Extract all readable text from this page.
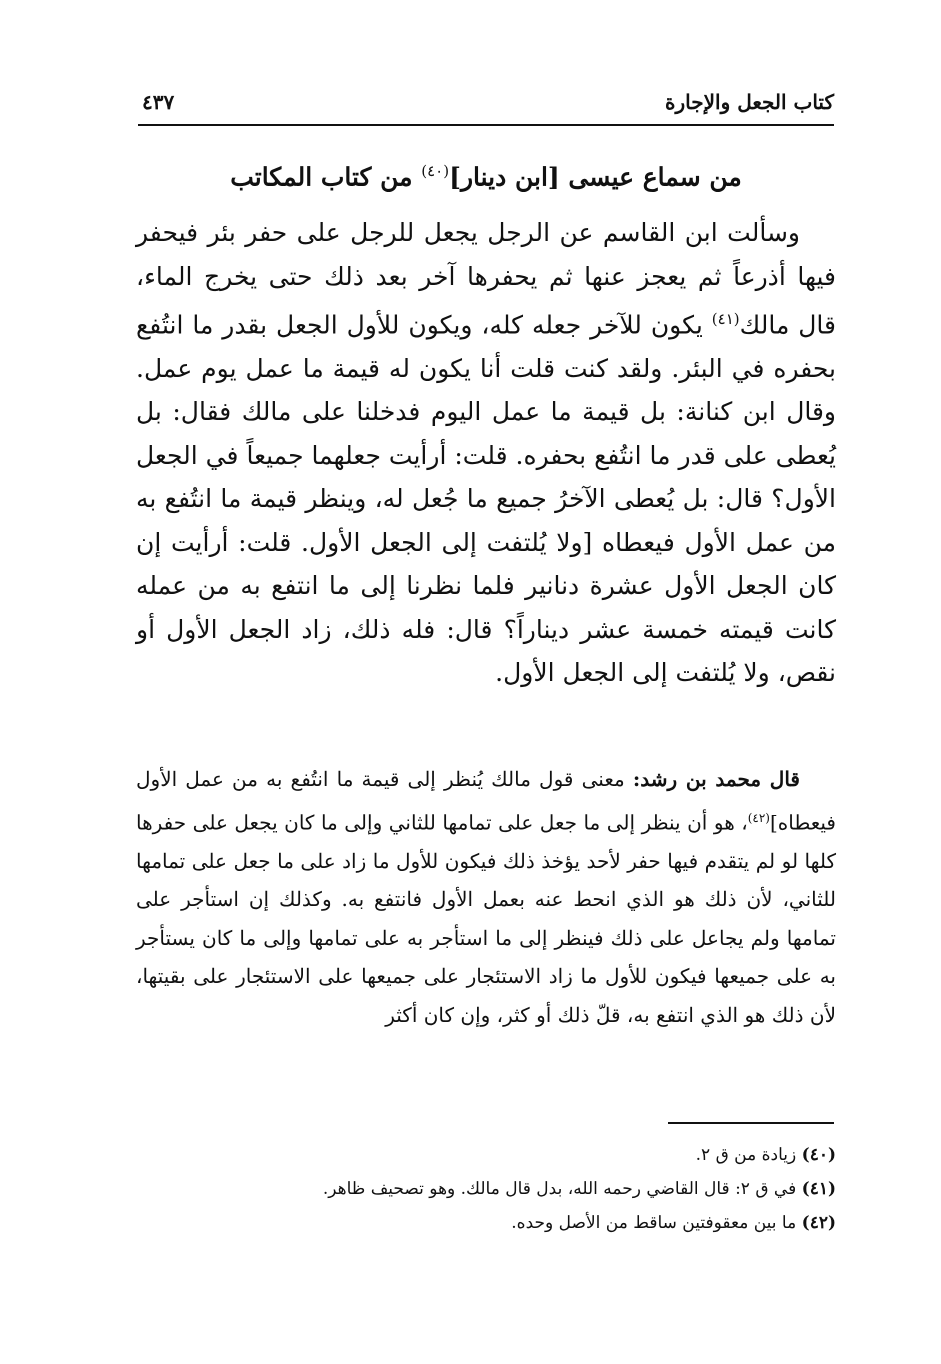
كتاب الجعل والإجارة
٤٣٧
من سماع عيسى [ابن دينار]$^{(٤٠)}$ من كتاب المكاتب

وسألت ابن القاسم عن الرجل يجعل للرجل على حفر بئر فيحفر فيها أذرعاً ثم يعجز عنها ثم يحفرها آخر بعد ذلك حتى يخرج الماء، قال مالك$^{(٤١)}$ يكون للآخر جعله كله، ويكون للأول الجعل بقدر ما انتُفع بحفره في البئر. ولقد كنت قلت أنا يكون له قيمة ما عمل يوم عمل. وقال ابن كنانة: بل قيمة ما عمل اليوم فدخلنا على مالك فقال: بل يُعطى على قدر ما انتُفع بحفره. قلت: أرأيت جعلهما جميعاً في الجعل الأول؟ قال: بل يُعطى الآخرُ جميع ما جُعل له، وينظر قيمة ما انتُفع به من عمل الأول فيعطاه [ولا يُلتفت إلى الجعل الأول. قلت: أرأيت إن كان الجعل الأول عشرة دنانير فلما نظرنا إلى ما انتفع به من عمله كانت قيمته خمسة عشر ديناراً؟ قال: فله ذلك، زاد الجعل الأول أو نقص، ولا يُلتفت إلى الجعل الأول.

قال محمد بن رشد: معنى قول مالك يُنظر إلى قيمة ما انتُفع به من عمل الأول فيعطاه]$^{(٤٢)}$، هو أن ينظر إلى ما جعل على تمامها للثاني وإلى ما كان يجعل على حفرها كلها لو لم يتقدم فيها حفر لأحد يؤخذ ذلك فيكون للأول ما زاد على ما جعل على تمامها للثاني، لأن ذلك هو الذي انحط عنه بعمل الأول فانتفع به. وكذلك إن استأجر على تمامها ولم يجاعل على ذلك فينظر إلى ما استأجر به على تمامها وإلى ما كان يستأجر به على جميعها فيكون للأول ما زاد الاستئجار على جميعها على الاستئجار على بقيتها، لأن ذلك هو الذي انتفع به، قلّ ذلك أو كثر، وإن كان أكثر

(٤٠) زيادة من ق ٢.
(٤١) في ق ٢: قال القاضي رحمه الله، بدل قال مالك. وهو تصحيف ظاهر.
(٤٢) ما بين معقوفتين ساقط من الأصل وحده.
